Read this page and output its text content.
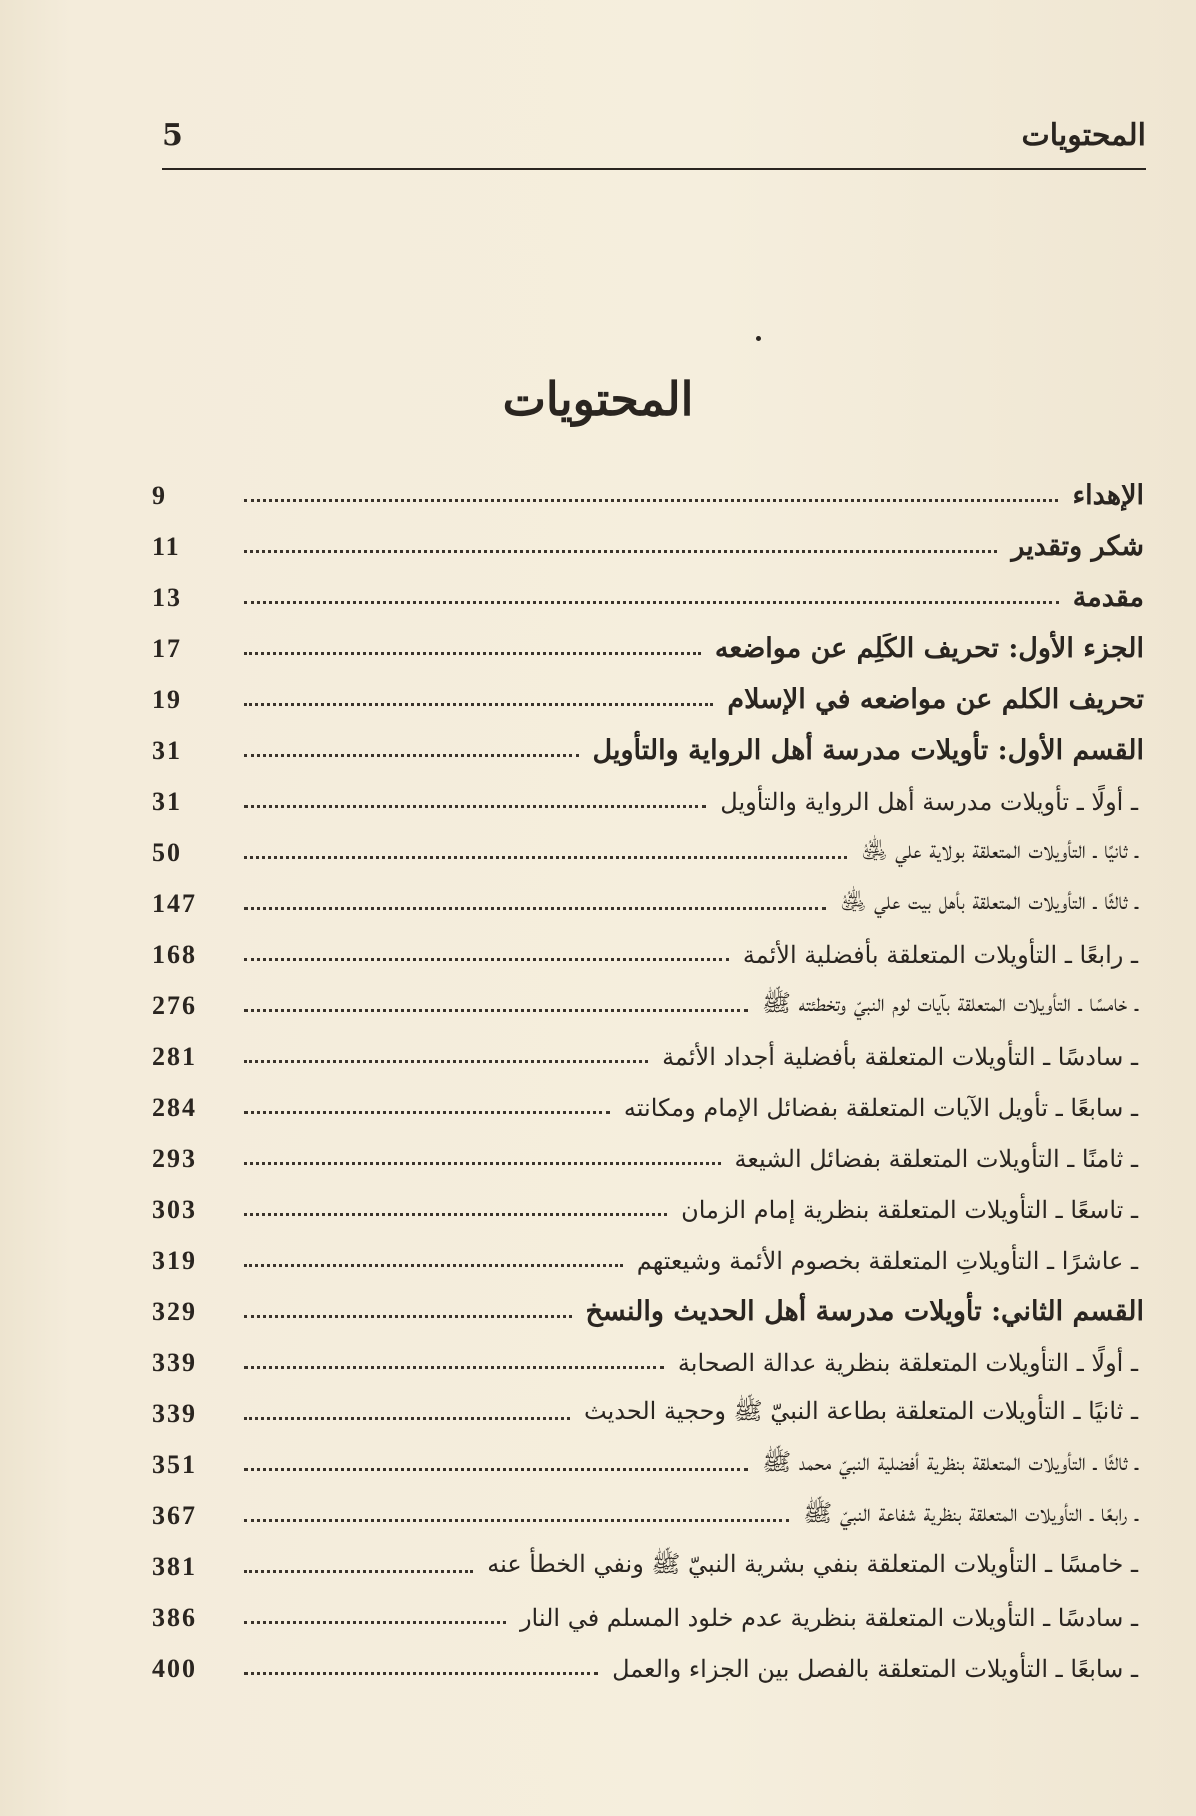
المحتويات
5
المحتويات
الإهداء
9
شكر وتقدير
11
مقدمة
13
الجزء الأول: تحريف الكَلِم عن مواضعه
17
تحريف الكلم عن مواضعه في الإسلام
19
القسم الأول: تأويلات مدرسة أهل الرواية والتأويل
31
ـ أولًا ـ تأويلات مدرسة أهل الرواية والتأويل
31
ـ ثانيًا ـ التأويلات المتعلقة بولاية علي ﵁
50
ـ ثالثًا ـ التأويلات المتعلقة بأهل بيت علي ﵁
147
ـ رابعًا ـ التأويلات المتعلقة بأفضلية الأئمة
168
ـ خامسًا ـ التأويلات المتعلقة بآيات لوم النبيّ وتخطئته ﷺ
276
ـ سادسًا ـ التأويلات المتعلقة بأفضلية أجداد الأئمة
281
ـ سابعًا ـ تأويل الآيات المتعلقة بفضائل الإمام ومكانته
284
ـ ثامنًا ـ التأويلات المتعلقة بفضائل الشيعة
293
ـ تاسعًا ـ التأويلات المتعلقة بنظرية إمام الزمان
303
ـ عاشرًا ـ التأويلاتِ المتعلقة بخصوم الأئمة وشيعتهم
319
القسم الثاني: تأويلات مدرسة أهل الحديث والنسخ
329
ـ أولًا ـ التأويلات المتعلقة بنظرية عدالة الصحابة
339
ـ ثانيًا ـ التأويلات المتعلقة بطاعة النبيّ ﷺ وحجية الحديث
339
ـ ثالثًا ـ التأويلات المتعلقة بنظرية أفضلية النبيّ محمد ﷺ
351
ـ رابعًا ـ التأويلات المتعلقة بنظرية شفاعة النبيّ ﷺ
367
ـ خامسًا ـ التأويلات المتعلقة بنفي بشرية النبيّ ﷺ ونفي الخطأ عنه
381
ـ سادسًا ـ التأويلات المتعلقة بنظرية عدم خلود المسلم في النار
386
ـ سابعًا ـ التأويلات المتعلقة بالفصل بين الجزاء والعمل
400
